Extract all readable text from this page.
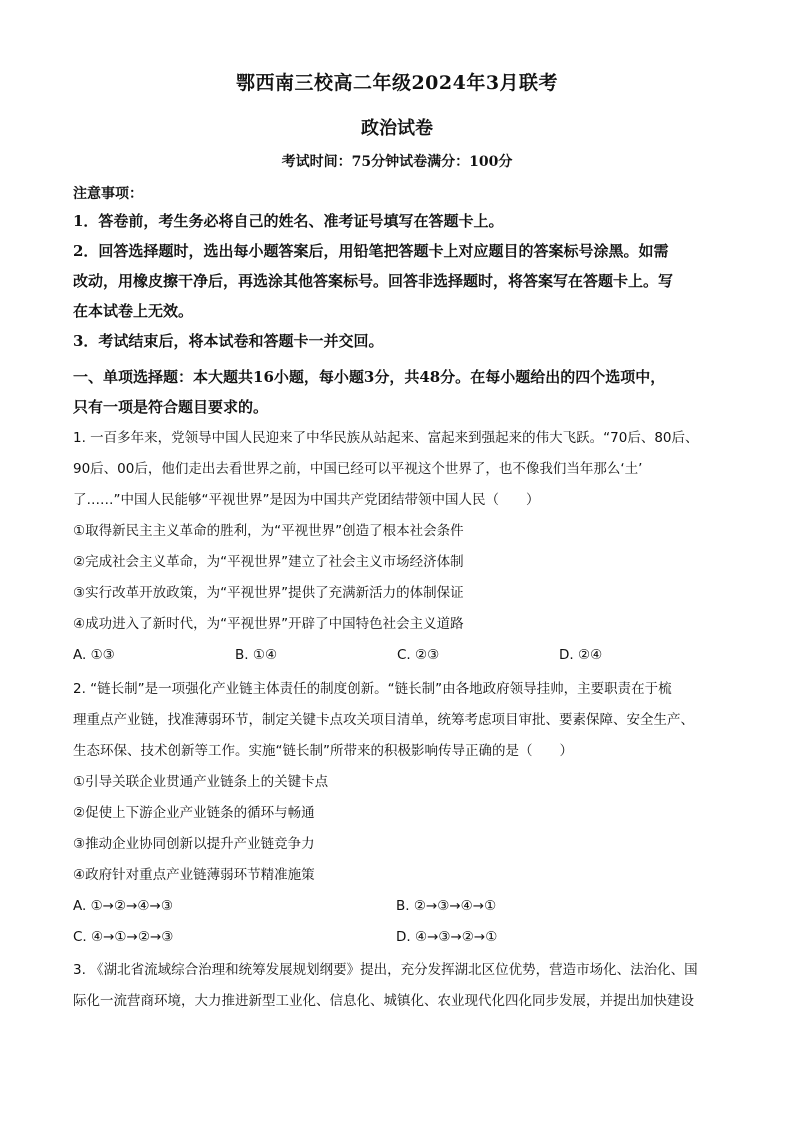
鄂西南三校高二年级2024年3月联考
政治试卷
考试时间：75分钟试卷满分：100分
注意事项：

1．答卷前，考生务必将自己的姓名、准考证号填写在答题卡上。

2．回答选择题时，选出每小题答案后，用铅笔把答题卡上对应题目的答案标号涂黑。如需

改动，用橡皮擦干净后，再选涂其他答案标号。回答非选择题时，将答案写在答题卡上。写

在本试卷上无效。

3．考试结束后，将本试卷和答题卡一并交回。

一、单项选择题：本大题共16小题，每小题3分，共48分。在每小题给出的四个选项中，
只有一项是符合题目要求的。

1. 一百多年来，党领导中国人民迎来了中华民族从站起来、富起来到强起来的伟大飞跃。“70后、80后、

90后、00后，他们走出去看世界之前，中国已经可以平视这个世界了，也不像我们当年那么‘土’

了……”中国人民能够“平视世界”是因为中国共产党团结带领中国人民（　　）

①取得新民主主义革命的胜利，为“平视世界”创造了根本社会条件

②完成社会主义革命，为“平视世界”建立了社会主义市场经济体制

③实行改革开放政策，为“平视世界”提供了充满新活力的体制保证

④成功进入了新时代，为“平视世界”开辟了中国特色社会主义道路

A. ①③	B. ①④	C. ②③	D. ②④

2. “链长制”是一项强化产业链主体责任的制度创新。“链长制”由各地政府领导挂帅，主要职责在于梳

理重点产业链，找准薄弱环节，制定关键卡点攻关项目清单，统筹考虑项目审批、要素保障、安全生产、

生态环保、技术创新等工作。实施“链长制”所带来的积极影响传导正确的是（　　）

①引导关联企业贯通产业链条上的关键卡点

②促使上下游企业产业链条的循环与畅通

③推动企业协同创新以提升产业链竞争力

④政府针对重点产业链薄弱环节精准施策

A. ①→②→④→③	B. ②→③→④→①

C. ④→①→②→③	D. ④→③→②→①

3. 《湖北省流域综合治理和统筹发展规划纲要》提出，充分发挥湖北区位优势，营造市场化、法治化、国

际化一流营商环境，大力推进新型工业化、信息化、城镇化、农业现代化四化同步发展，并提出加快建设
